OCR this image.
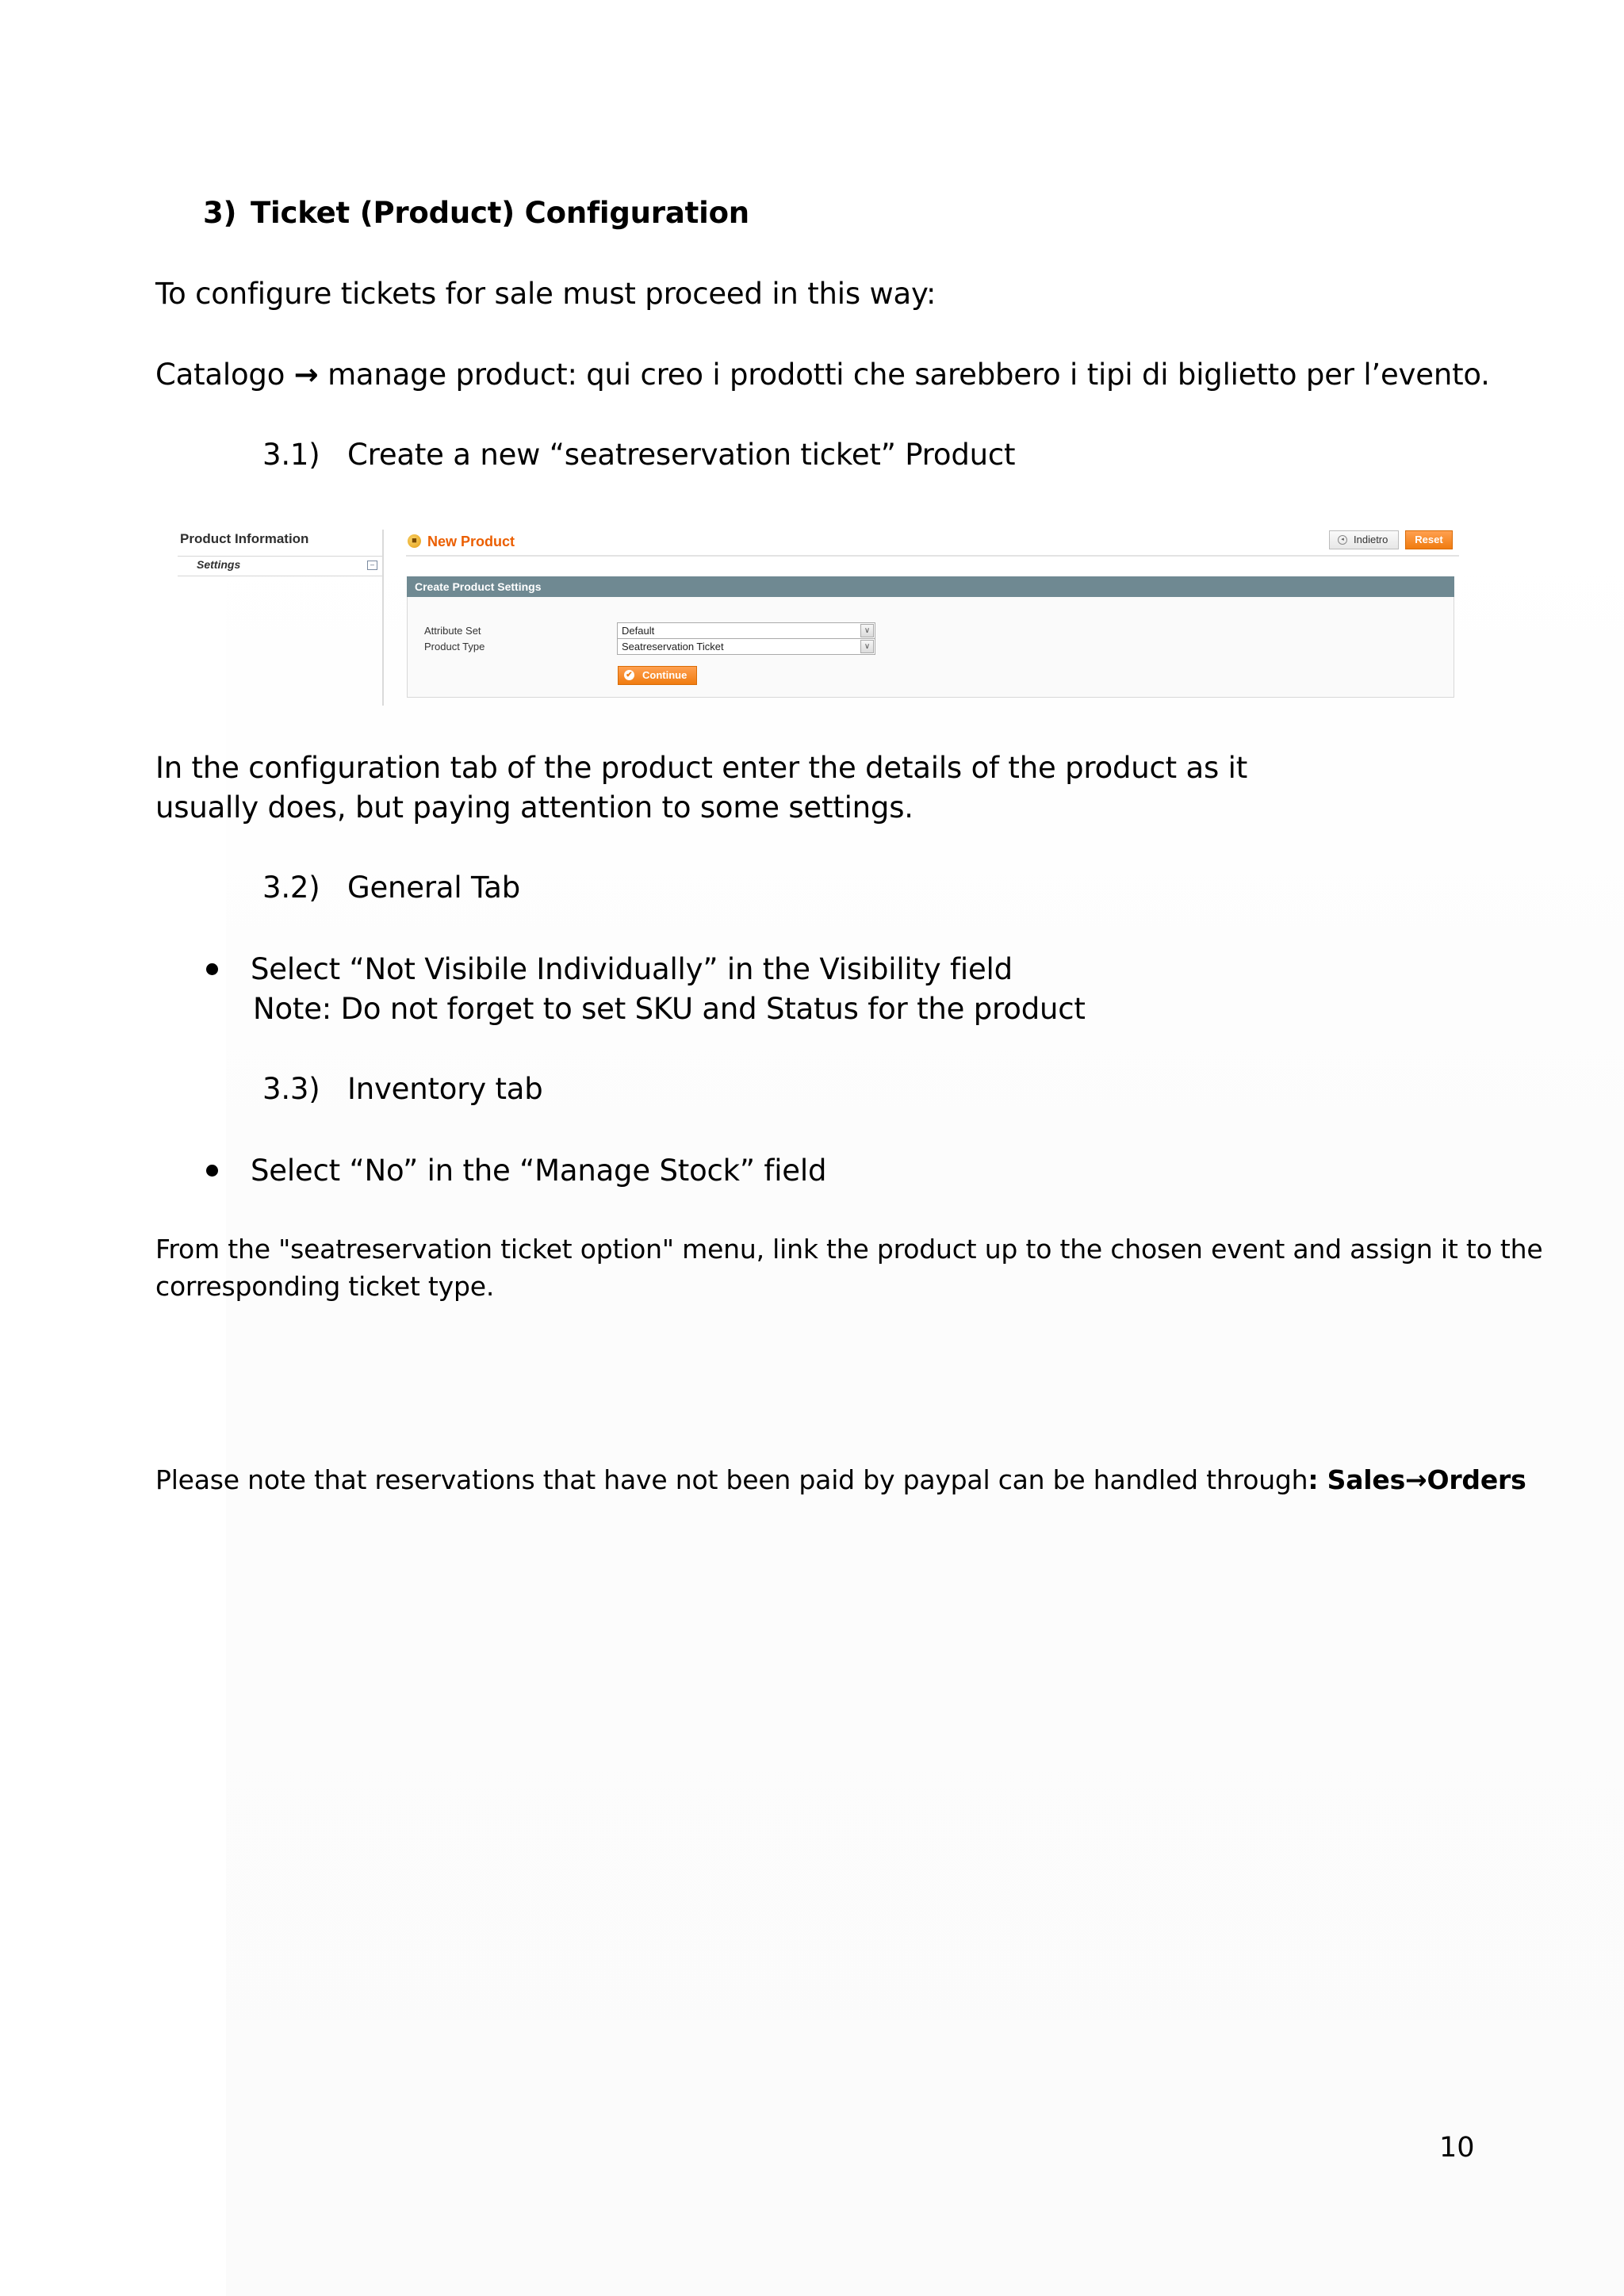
3) Ticket (Product) Configuration
To configure tickets for sale must proceed in this way:
Catalogo → manage product: qui creo i prodotti che sarebbero i tipi di biglietto per l’evento.
3.1) Create a new “seatreservation ticket” Product
Product Information
Settings	–
■ New Product	◂ Indietro	Reset
Create Product Settings
Attribute Set	Default	∨
Product Type	Seatreservation Ticket	∨
✔ Continue
In the configuration tab of the product enter the details of the product as it
usually does, but paying attention to some settings.
3.2) General Tab
Select “Not Visibile Individually” in the Visibility field
Note: Do not forget to set SKU and Status for the product
3.3) Inventory tab
Select “No” in the “Manage Stock” field
From the "seatreservation ticket option" menu, link the product up to the chosen event and assign it to the
corresponding ticket type.
Please note that reservations that have not been paid by paypal can be handled through: Sales→Orders
10
